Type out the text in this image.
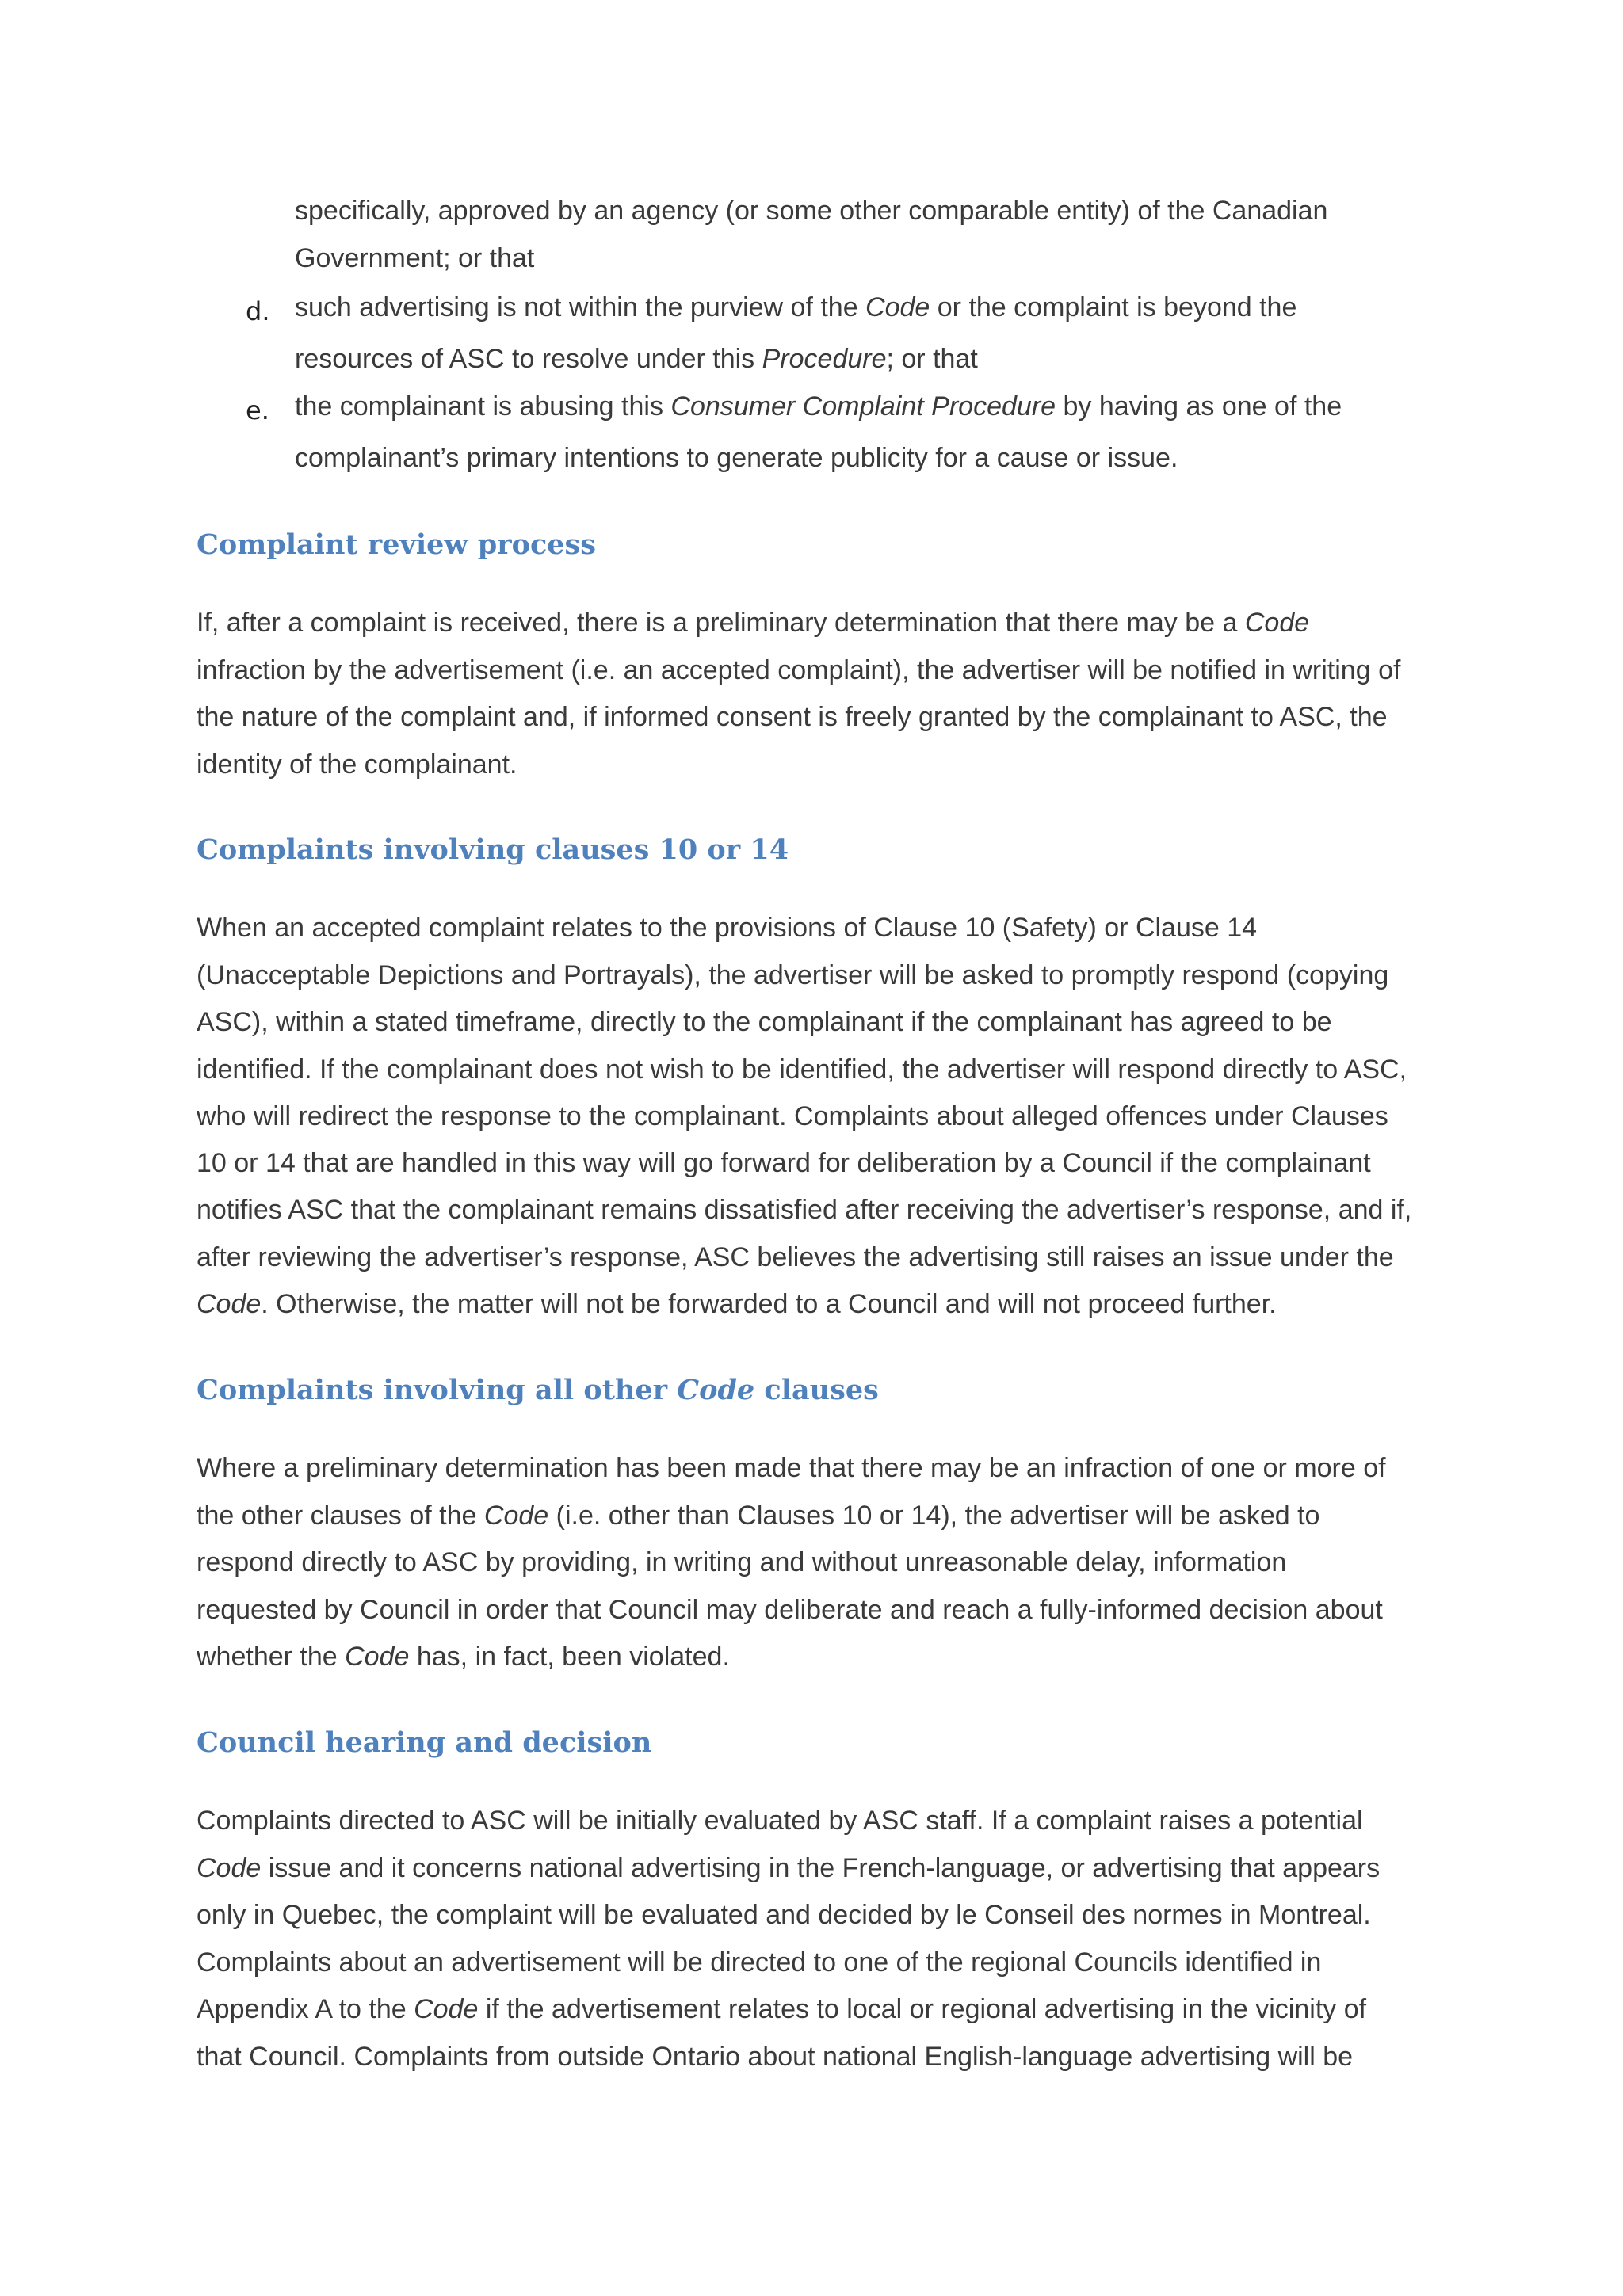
specifically, approved by an agency (or some other comparable entity) of the Canadian
Government; or that
d. such advertising is not within the purview of the Code or the complaint is beyond the
resources of ASC to resolve under this Procedure; or that
e. the complainant is abusing this Consumer Complaint Procedure by having as one of the
complainant’s primary intentions to generate publicity for a cause or issue.
Complaint review process
If, after a complaint is received, there is a preliminary determination that there may be a Code
infraction by the advertisement (i.e. an accepted complaint), the advertiser will be notified in writing of
the nature of the complaint and, if informed consent is freely granted by the complainant to ASC, the
identity of the complainant.
Complaints involving clauses 10 or 14
When an accepted complaint relates to the provisions of Clause 10 (Safety) or Clause 14
(Unacceptable Depictions and Portrayals), the advertiser will be asked to promptly respond (copying
ASC), within a stated timeframe, directly to the complainant if the complainant has agreed to be
identified. If the complainant does not wish to be identified, the advertiser will respond directly to ASC,
who will redirect the response to the complainant. Complaints about alleged offences under Clauses
10 or 14 that are handled in this way will go forward for deliberation by a Council if the complainant
notifies ASC that the complainant remains dissatisfied after receiving the advertiser’s response, and if,
after reviewing the advertiser’s response, ASC believes the advertising still raises an issue under the
Code. Otherwise, the matter will not be forwarded to a Council and will not proceed further.
Complaints involving all other Code clauses
Where a preliminary determination has been made that there may be an infraction of one or more of
the other clauses of the Code (i.e. other than Clauses 10 or 14), the advertiser will be asked to
respond directly to ASC by providing, in writing and without unreasonable delay, information
requested by Council in order that Council may deliberate and reach a fully-informed decision about
whether the Code has, in fact, been violated.
Council hearing and decision
Complaints directed to ASC will be initially evaluated by ASC staff. If a complaint raises a potential
Code issue and it concerns national advertising in the French-language, or advertising that appears
only in Quebec, the complaint will be evaluated and decided by le Conseil des normes in Montreal.
Complaints about an advertisement will be directed to one of the regional Councils identified in
Appendix A to the Code if the advertisement relates to local or regional advertising in the vicinity of
that Council. Complaints from outside Ontario about national English-language advertising will be
